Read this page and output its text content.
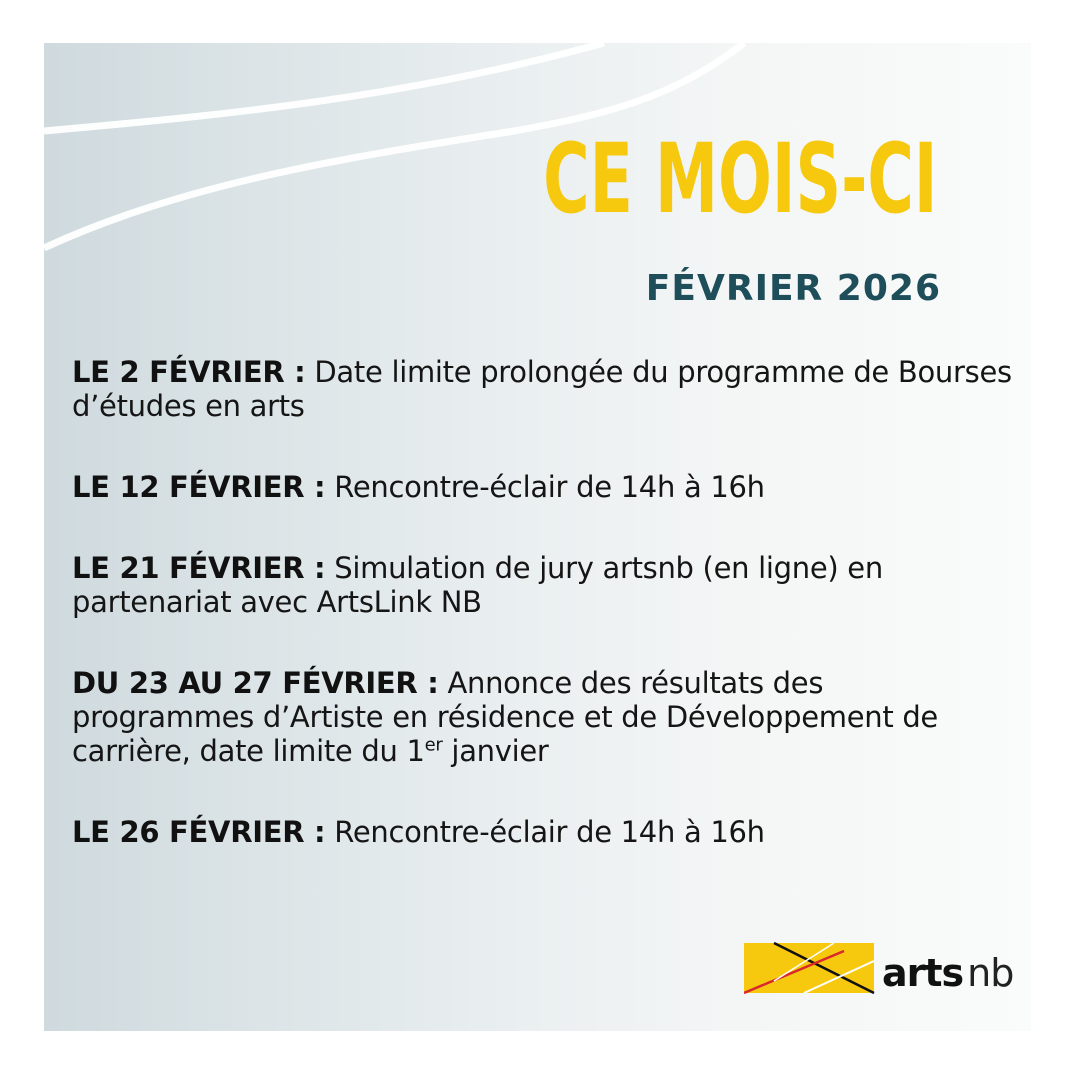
CE MOIS-CI
FÉVRIER 2026
LE 2 FÉVRIER : Date limite prolongée du programme de Bourses d’études en arts
LE 12 FÉVRIER : Rencontre-éclair de 14h à 16h
LE 21 FÉVRIER : Simulation de jury artsnb (en ligne) en partenariat avec ArtsLink NB
DU 23 AU 27 FÉVRIER : Annonce des résultats des programmes d’Artiste en résidence et de Développement de carrière, date limite du 1er janvier
LE 26 FÉVRIER : Rencontre-éclair de 14h à 16h
arts nb
